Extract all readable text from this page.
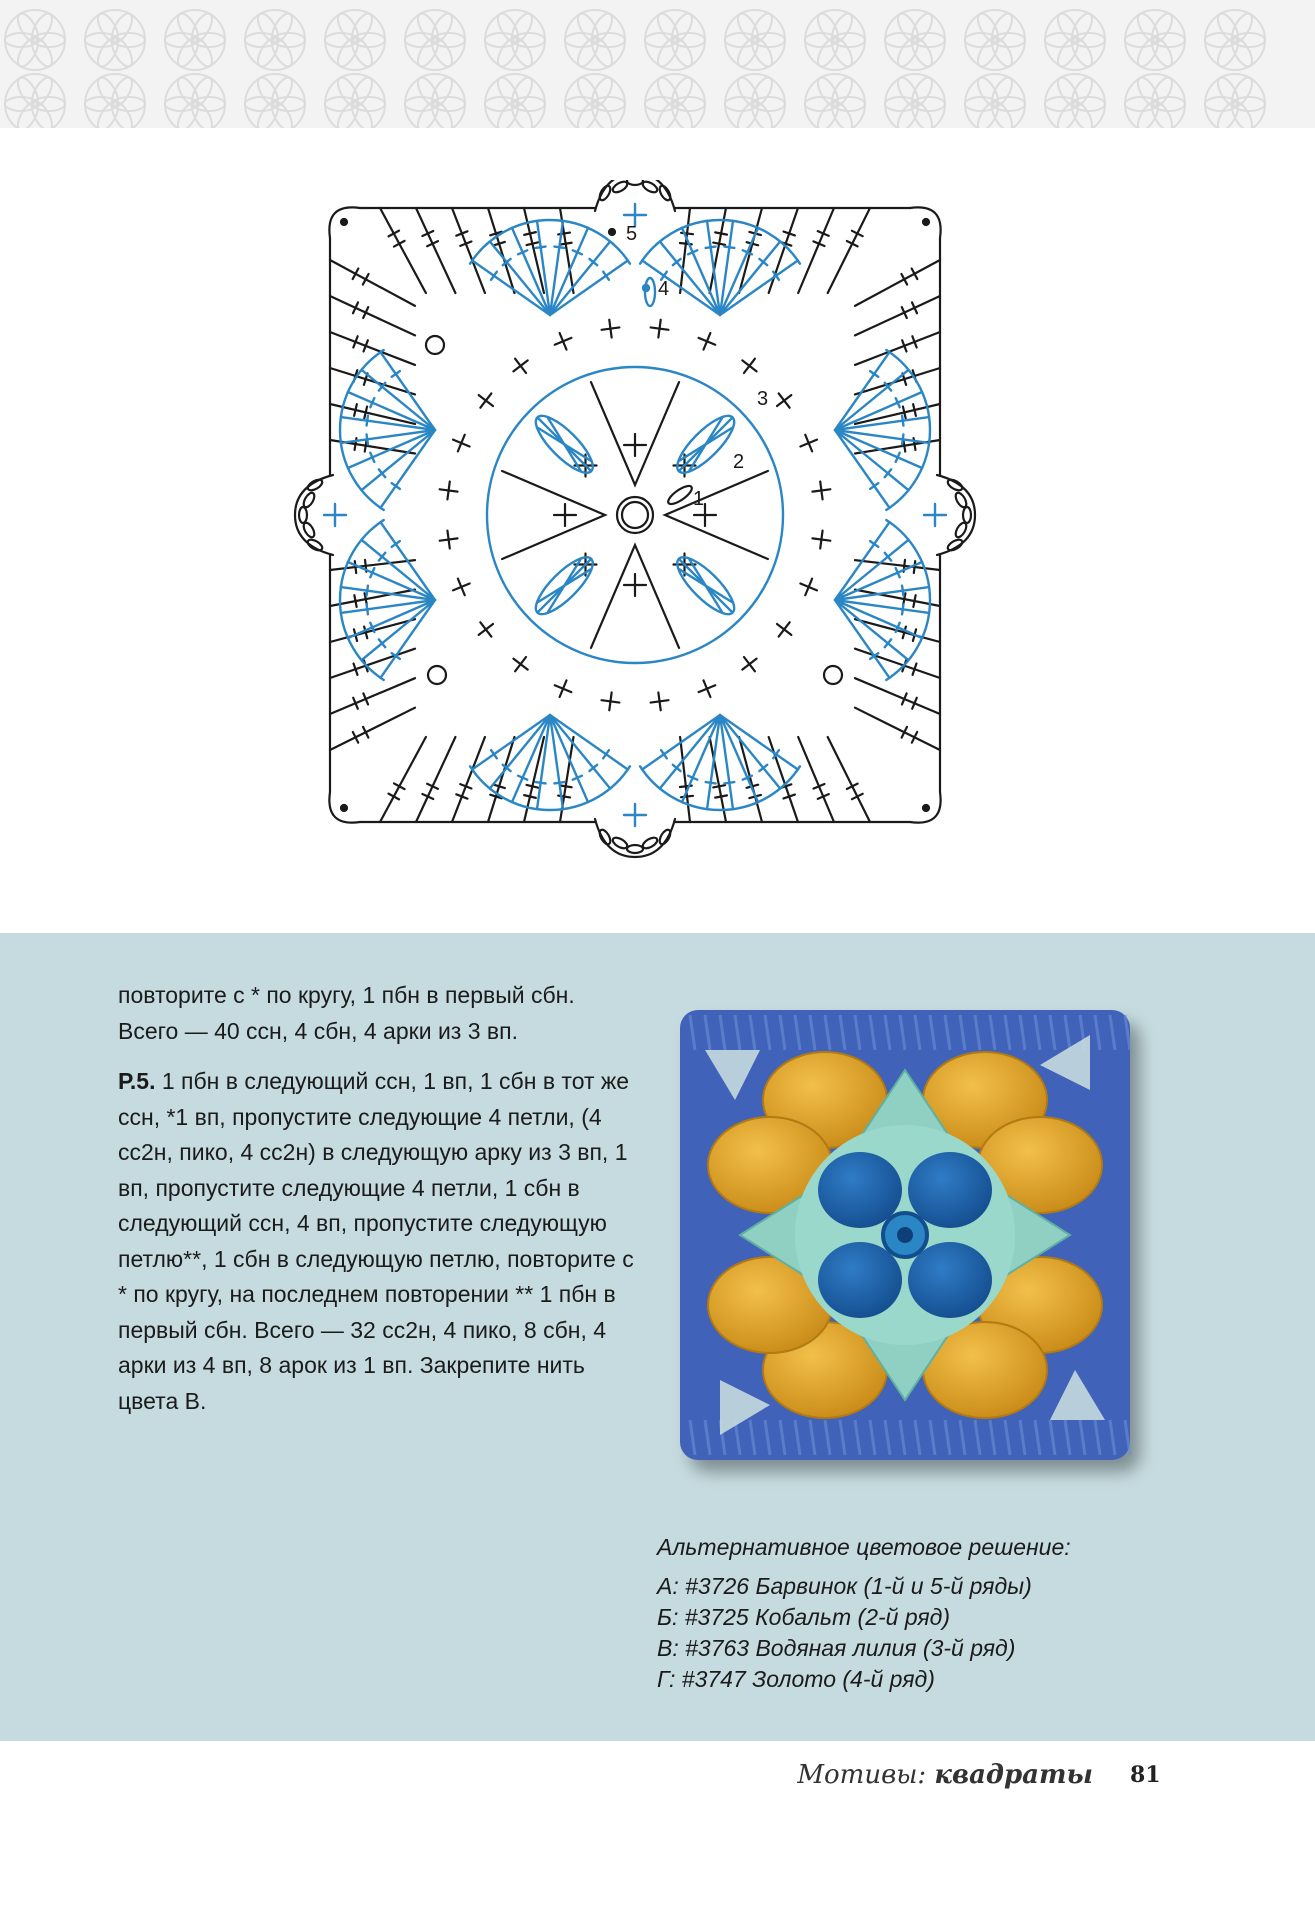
1
2
3
4
5

повторите с * по кругу, 1 пбн в первый сбн. Всего — 40 ссн, 4 сбн, 4 арки из 3 вп.

Р.5. 1 пбн в следующий ссн, 1 вп, 1 сбн в тот же ссн, *1 вп, пропустите следующие 4 петли, (4 сс2н, пико, 4 сс2н) в следующую арку из 3 вп, 1 вп, пропустите следующие 4 петли, 1 сбн в следующий ссн, 4 вп, пропустите следующую петлю**, 1 сбн в следующую петлю, повторите с * по кругу, на последнем повторении ** 1 пбн в первый сбн. Всего — 32 сс2н, 4 пико, 8 сбн, 4 арки из 4 вп, 8 арок из 1 вп. Закрепите нить цвета В.

Альтернативное цветовое решение:
А: #3726 Барвинок (1-й и 5-й ряды)
Б: #3725 Кобальт (2-й ряд)
В: #3763 Водяная лилия (3-й ряд)
Г: #3747 Золото (4-й ряд)
Мотивы: квадраты 81
